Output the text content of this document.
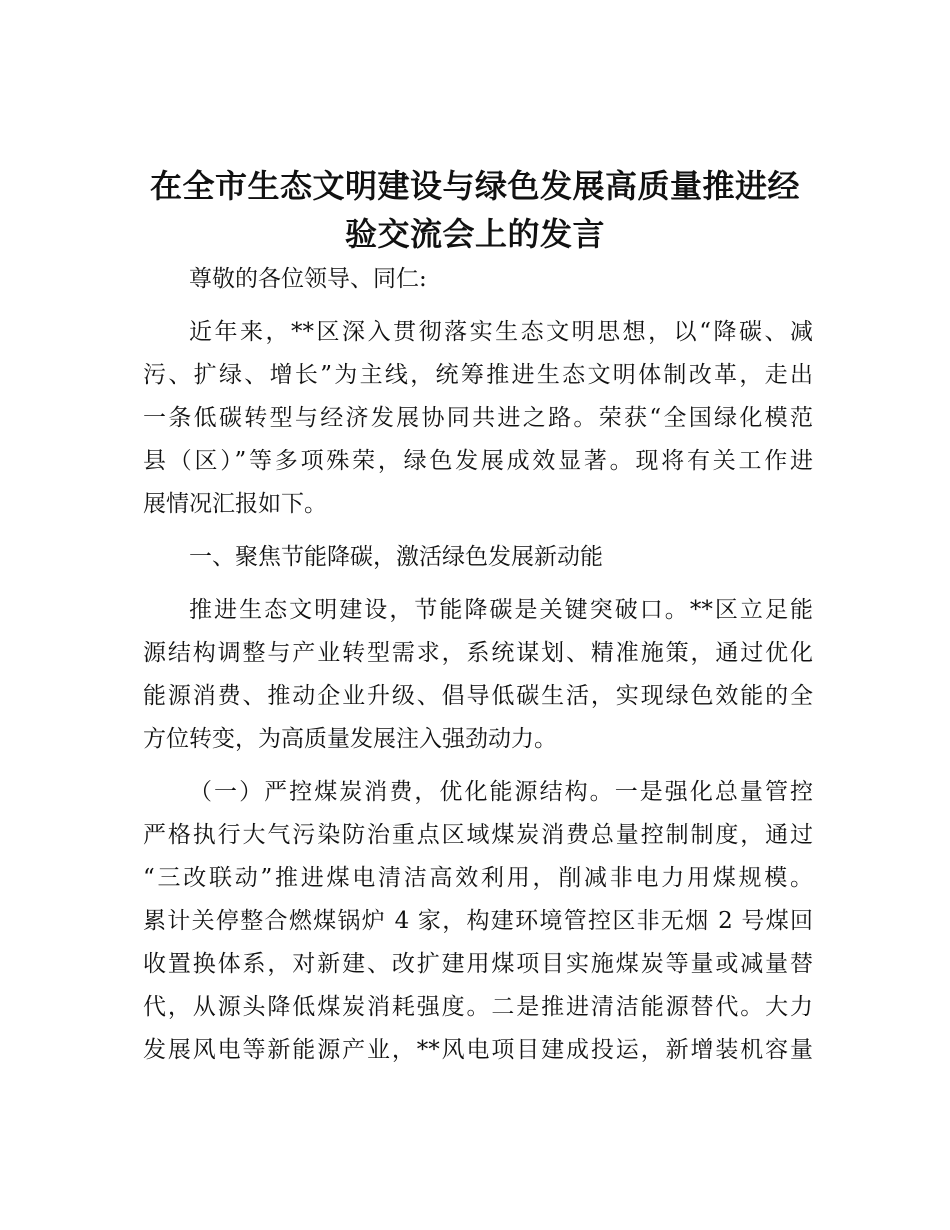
在全市生态文明建设与绿色发展高质量推进经
验交流会上的发言

尊敬的各位领导、同仁:

近年来，**区深入贯彻落实生态文明思想，以“降碳、减
污、扩绿、增长”为主线，统筹推进生态文明体制改革，走出
一条低碳转型与经济发展协同共进之路。荣获“全国绿化模范
县（区）”等多项殊荣，绿色发展成效显著。现将有关工作进
展情况汇报如下。

一、聚焦节能降碳，激活绿色发展新动能

推进生态文明建设，节能降碳是关键突破口。**区立足能
源结构调整与产业转型需求，系统谋划、精准施策，通过优化
能源消费、推动企业升级、倡导低碳生活，实现绿色效能的全
方位转变，为高质量发展注入强劲动力。

（一）严控煤炭消费，优化能源结构。一是强化总量管控
严格执行大气污染防治重点区域煤炭消费总量控制制度，通过
“三改联动”推进煤电清洁高效利用，削减非电力用煤规模。
累计关停整合燃煤锅炉 4 家，构建环境管控区非无烟 2 号煤回
收置换体系，对新建、改扩建用煤项目实施煤炭等量或减量替
代，从源头降低煤炭消耗强度。二是推进清洁能源替代。大力
发展风电等新能源产业，**风电项目建成投运，新增装机容量
